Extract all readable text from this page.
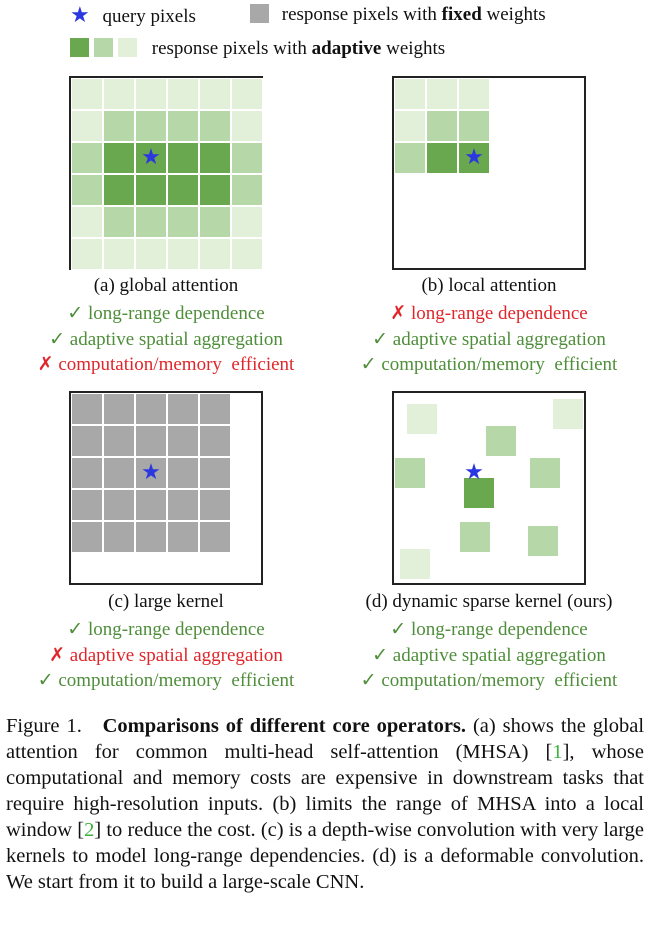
★ query pixels	response pixels with fixed weights
response pixels with adaptive weights
★	★
★	★
(a) global attention	(b) local attention
(c) large kernel	(d) dynamic sparse kernel (ours)
✓ long-range dependence
✓ adaptive spatial aggregation
✗ computation/memory  efficient
✗ long-range dependence
✓ adaptive spatial aggregation
✓ computation/memory  efficient
✓ long-range dependence
✗ adaptive spatial aggregation
✓ computation/memory  efficient
✓ long-range dependence
✓ adaptive spatial aggregation
✓ computation/memory  efficient
Figure 1. Comparisons of different core operators. (a) shows the global attention for common multi-head self-attention (MHSA) [1], whose computational and memory costs are expensive in downstream tasks that require high-resolution inputs. (b) limits the range of MHSA into a local window [2] to reduce the cost. (c) is a depth-wise convolution with very large kernels to model long-range dependencies. (d) is a deformable convolution. We start from it to build a large-scale CNN.
